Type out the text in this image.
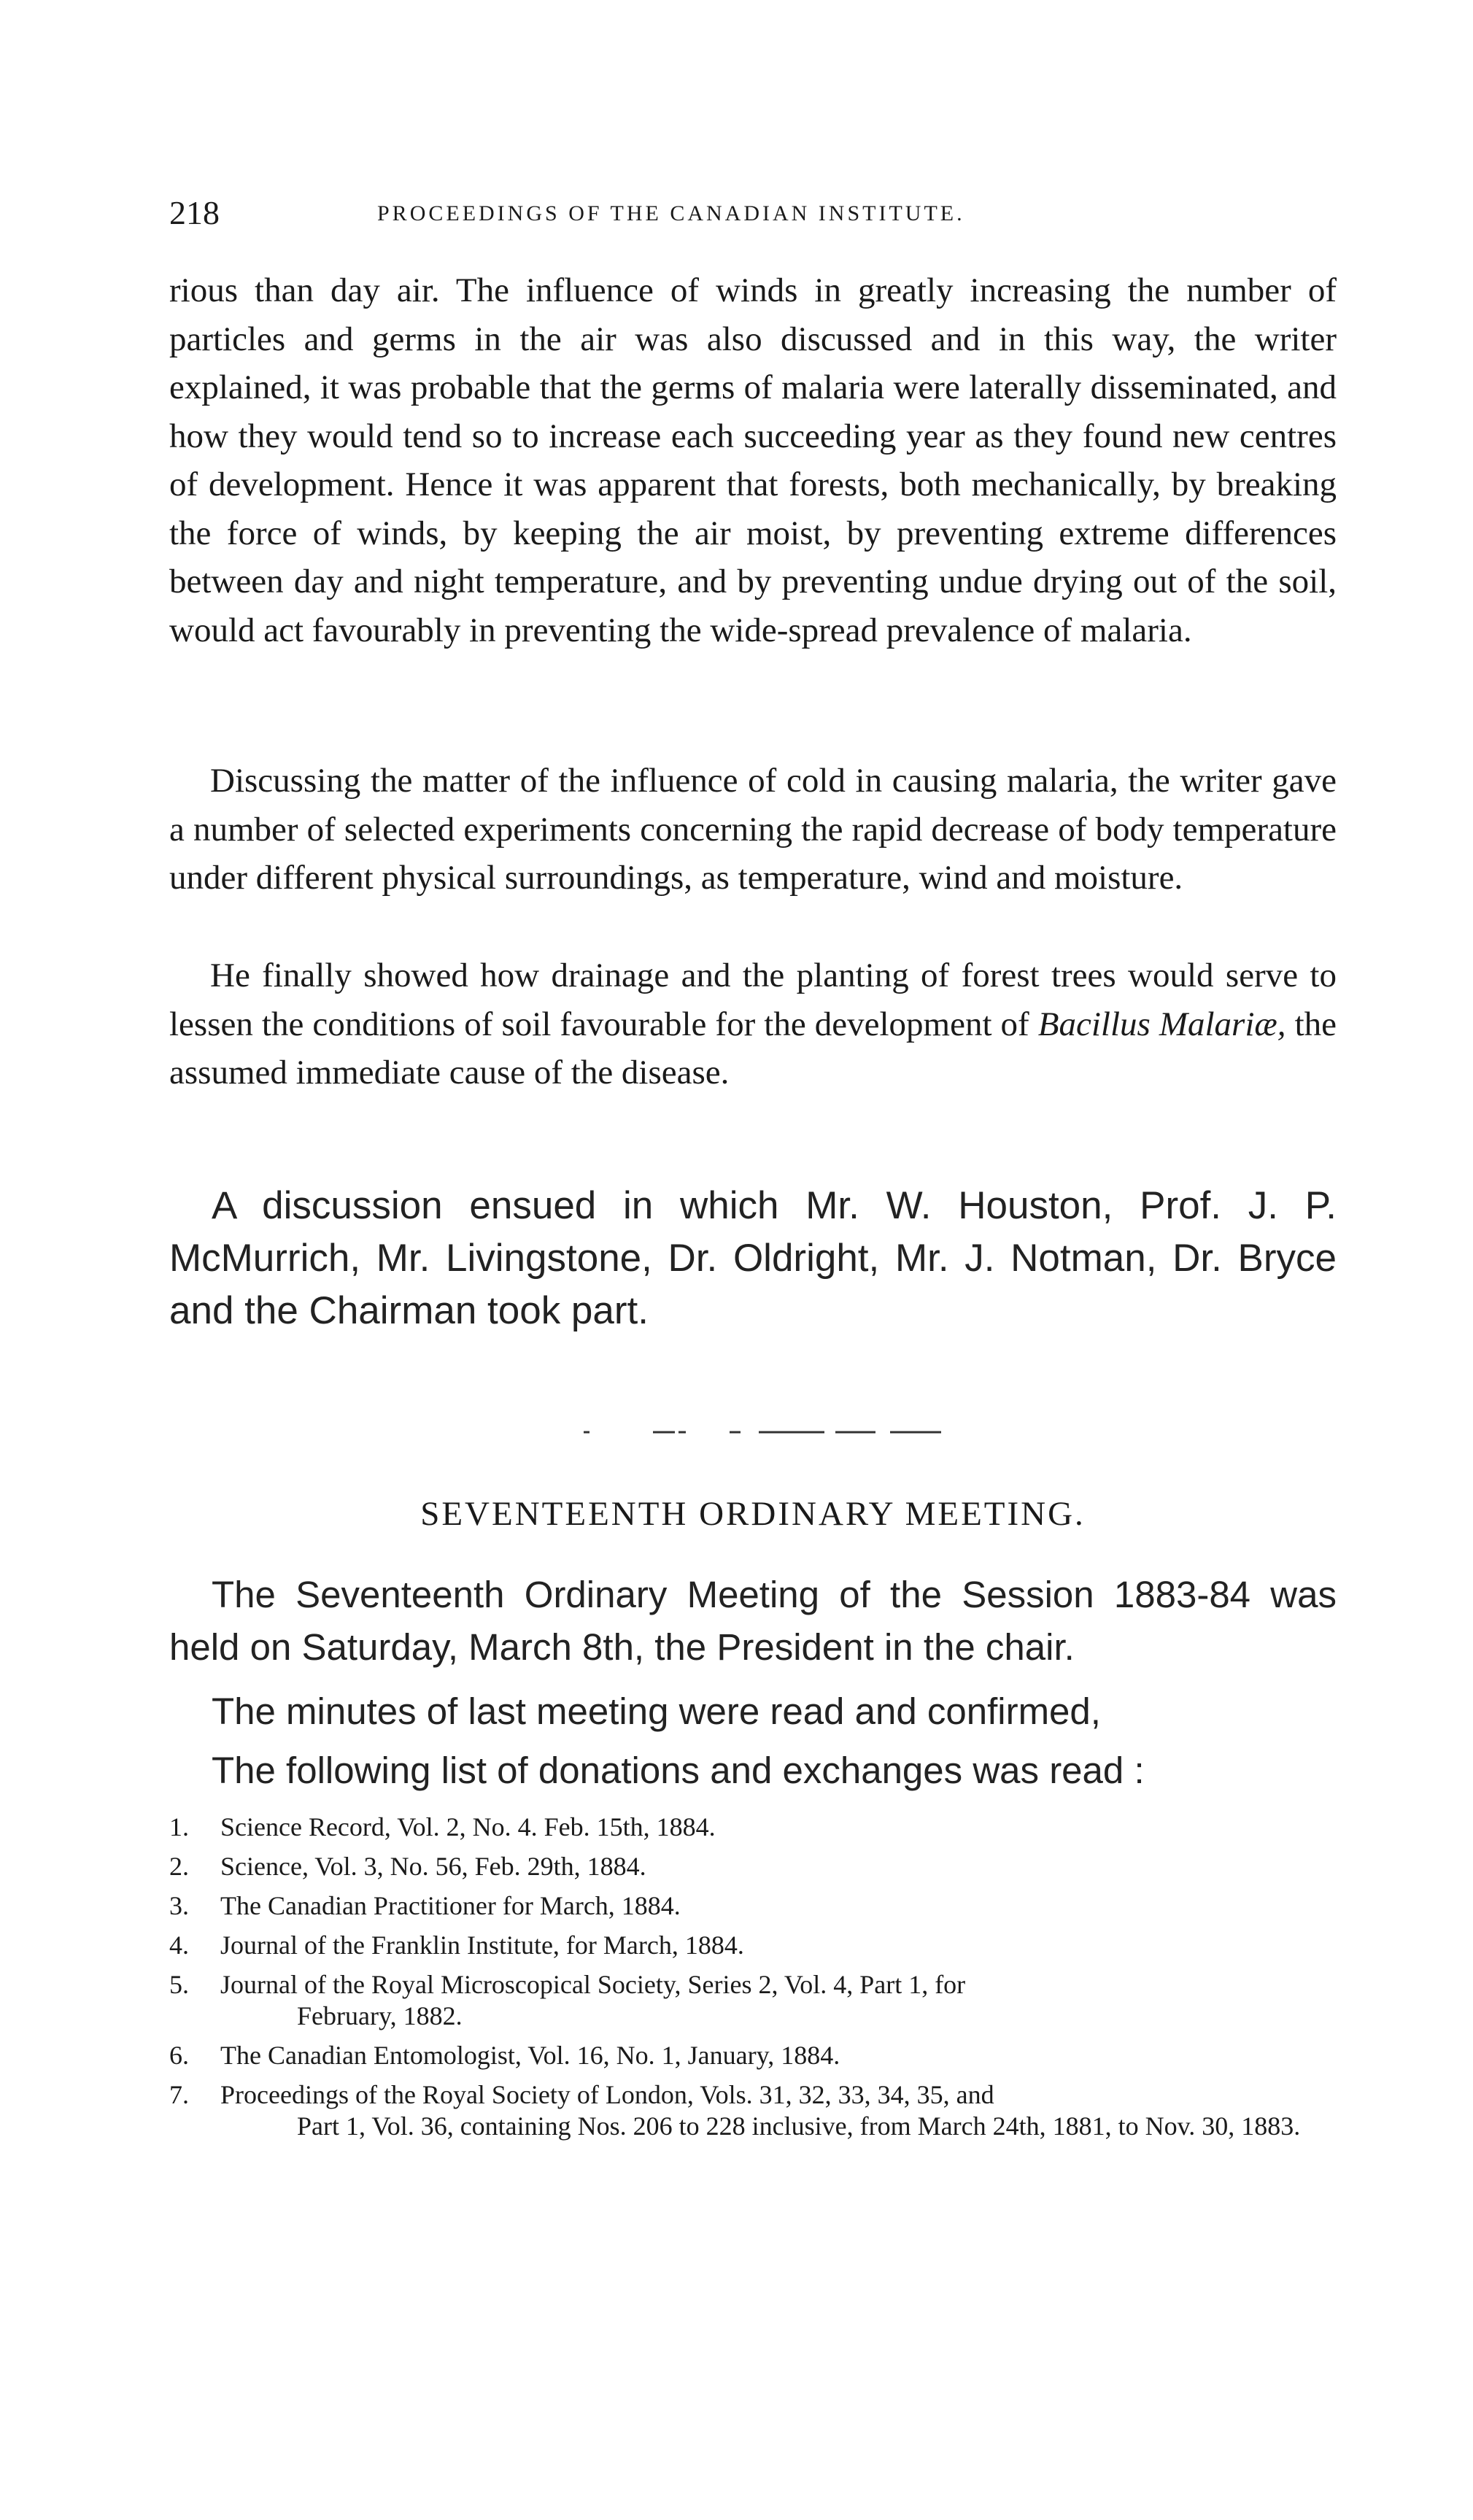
218	PROCEEDINGS OF THE CANADIAN INSTITUTE.

rious than day air. The influence of winds in greatly increasing the number of particles and germs in the air was also discussed and in this way, the writer explained, it was probable that the germs of malaria were laterally disseminated, and how they would tend so to increase each succeeding year as they found new centres of development. Hence it was apparent that forests, both mechanically, by breaking the force of winds, by keeping the air moist, by preventing extreme differences between day and night temperature, and by preventing undue drying out of the soil, would act favourably in preventing the wide-spread prevalence of malaria.

Discussing the matter of the influence of cold in causing malaria, the writer gave a number of selected experiments concerning the rapid decrease of body temperature under different physical surroundings, as temperature, wind and moisture.

He finally showed how drainage and the planting of forest trees would serve to lessen the conditions of soil favourable for the development of Bacillus Malariæ, the assumed immediate cause of the disease.

A discussion ensued in which Mr. W. Houston, Prof. J. P. McMurrich, Mr. Livingstone, Dr. Oldright, Mr. J. Notman, Dr. Bryce and the Chairman took part.

SEVENTEENTH ORDINARY MEETING.

The Seventeenth Ordinary Meeting of the Session 1883-84 was held on Saturday, March 8th, the President in the chair.

The minutes of last meeting were read and confirmed,

The following list of donations and exchanges was read :

1. Science Record, Vol. 2, No. 4. Feb. 15th, 1884.
2. Science, Vol. 3, No. 56, Feb. 29th, 1884.
3. The Canadian Practitioner for March, 1884.
4. Journal of the Franklin Institute, for March, 1884.
5. Journal of the Royal Microscopical Society, Series 2, Vol. 4, Part 1, for
February, 1882.
6. The Canadian Entomologist, Vol. 16, No. 1, January, 1884.
7. Proceedings of the Royal Society of London, Vols. 31, 32, 33, 34, 35, and
Part 1, Vol. 36, containing Nos. 206 to 228 inclusive, from March 24th, 1881, to Nov. 30, 1883.
